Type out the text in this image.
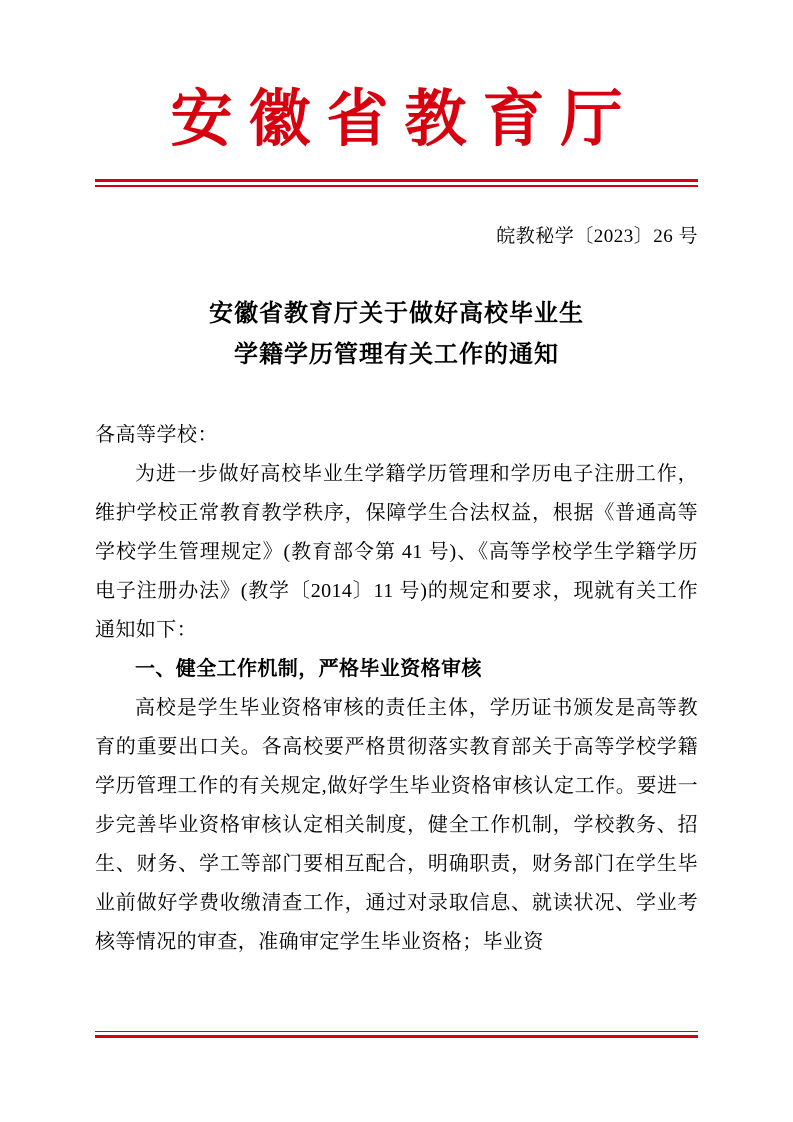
安徽省教育厅
皖教秘学〔2023〕26 号
安徽省教育厅关于做好高校毕业生
学籍学历管理有关工作的通知
各高等学校：

为进一步做好高校毕业生学籍学历管理和学历电子注册工作，维护学校正常教育教学秩序，保障学生合法权益，根据《普通高等学校学生管理规定》(教育部令第 41 号)、《高等学校学生学籍学历电子注册办法》(教学〔2014〕11 号)的规定和要求，现就有关工作通知如下：

一、健全工作机制，严格毕业资格审核

高校是学生毕业资格审核的责任主体，学历证书颁发是高等教育的重要出口关。各高校要严格贯彻落实教育部关于高等学校学籍学历管理工作的有关规定,做好学生毕业资格审核认定工作。要进一步完善毕业资格审核认定相关制度，健全工作机制，学校教务、招生、财务、学工等部门要相互配合，明确职责，财务部门在学生毕业前做好学费收缴清查工作，通过对录取信息、就读状况、学业考核等情况的审查，准确审定学生毕业资格；毕业资
